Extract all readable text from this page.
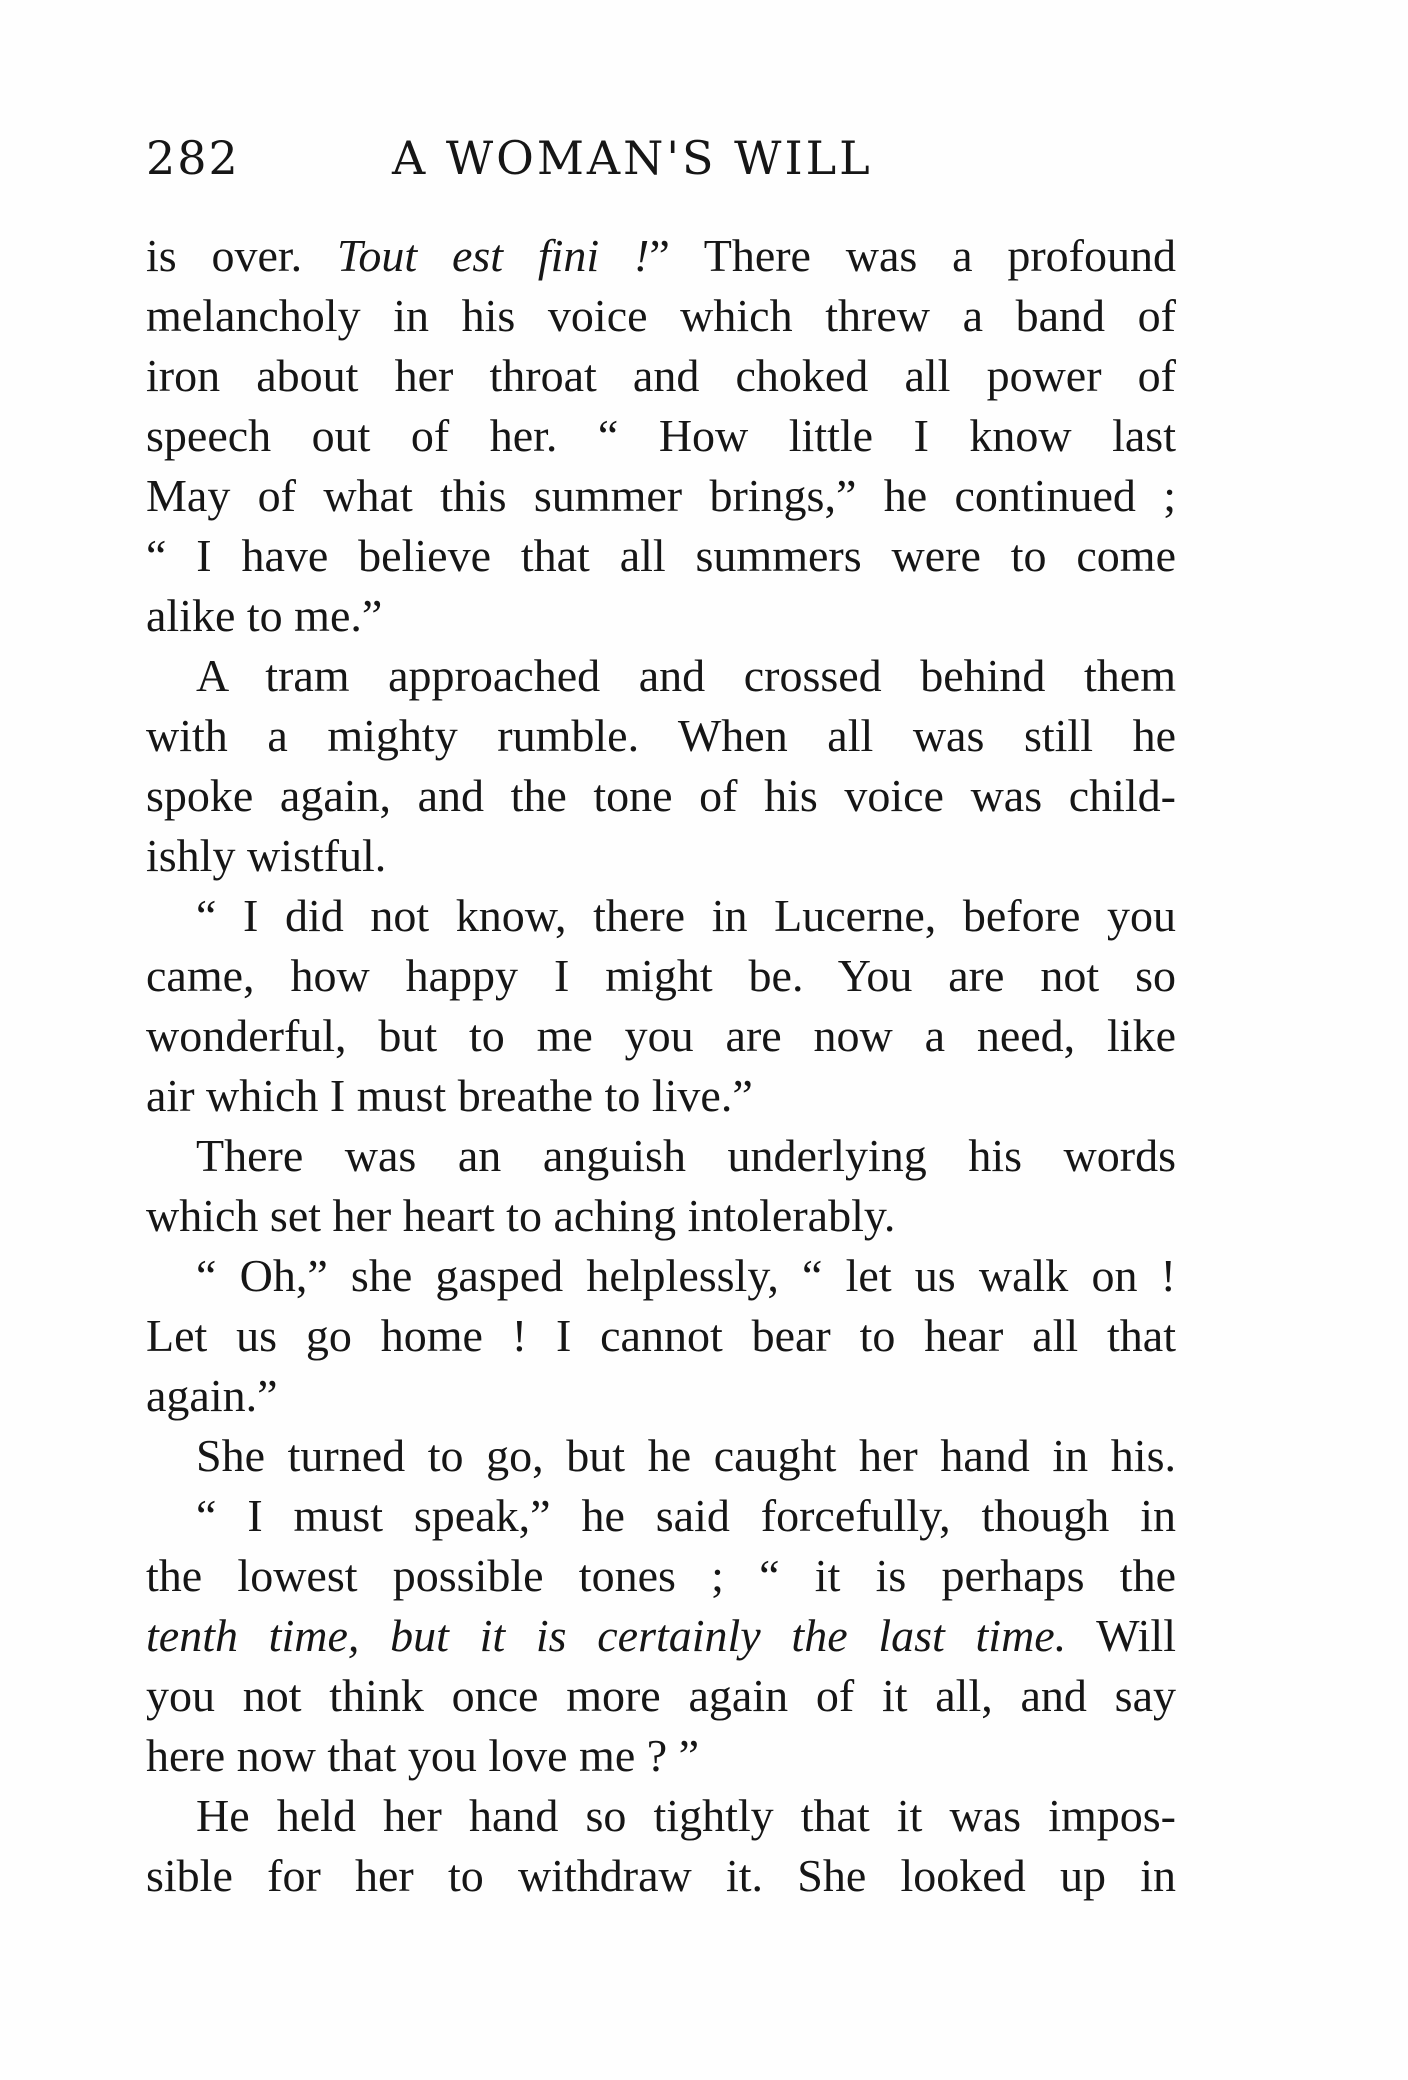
282	A WOMAN'S WILL
is over. Tout est fini !” There was a profound
melancholy in his voice which threw a band of
iron about her throat and choked all power of
speech out of her. “ How little I know last
May of what this summer brings,” he continued ;
“ I have believe that all summers were to come
alike to me.”
A tram approached and crossed behind them
with a mighty rumble. When all was still he
spoke again, and the tone of his voice was child-
ishly wistful.
“ I did not know, there in Lucerne, before you
came, how happy I might be. You are not so
wonderful, but to me you are now a need, like
air which I must breathe to live.”
There was an anguish underlying his words
which set her heart to aching intolerably.
“ Oh,” she gasped helplessly, “ let us walk on !
Let us go home ! I cannot bear to hear all that
again.”
She turned to go, but he caught her hand in his.
“ I must speak,” he said forcefully, though in
the lowest possible tones ; “ it is perhaps the
tenth time, but it is certainly the last time. Will
you not think once more again of it all, and say
here now that you love me ? ”
He held her hand so tightly that it was impos-
sible for her to withdraw it. She looked up in
